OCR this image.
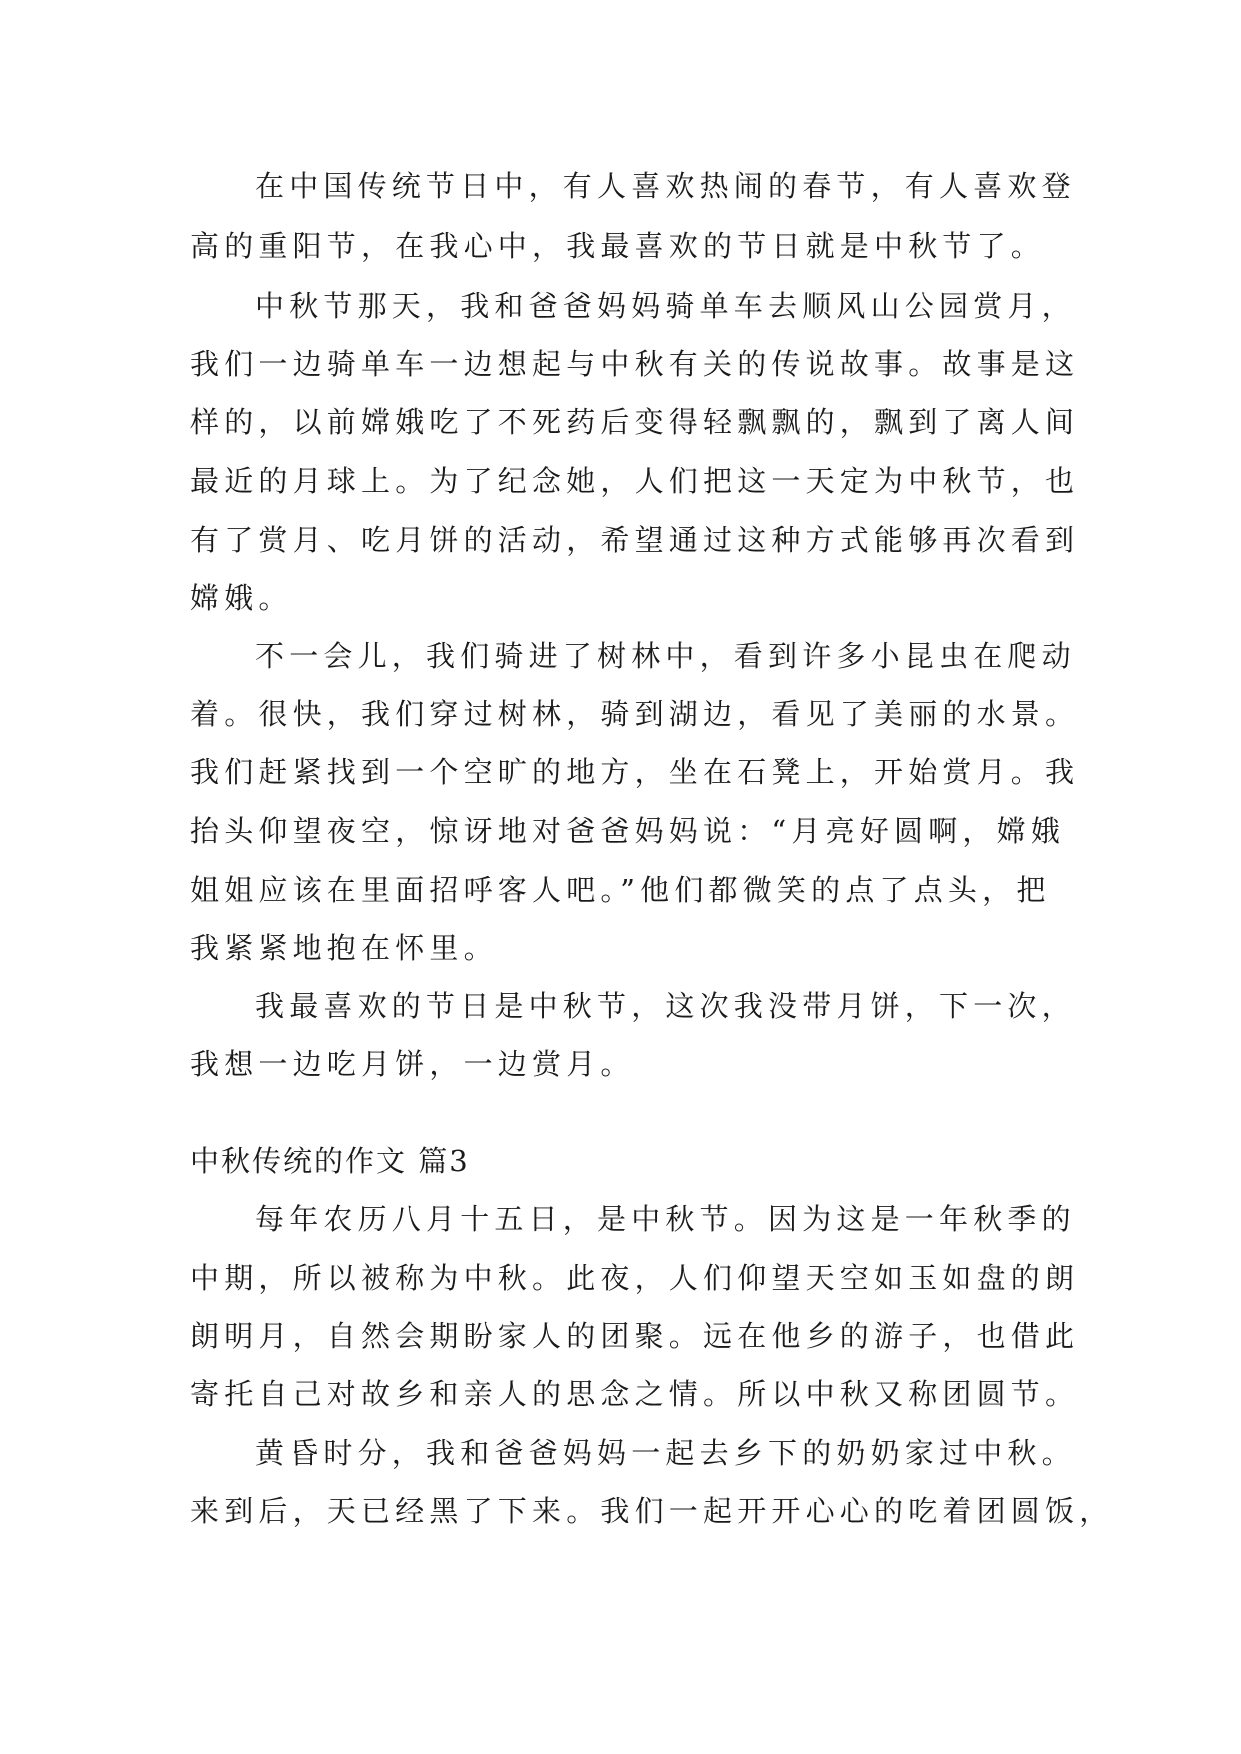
在中国传统节日中，有人喜欢热闹的春节，有人喜欢登
高的重阳节，在我心中，我最喜欢的节日就是中秋节了。
中秋节那天，我和爸爸妈妈骑单车去顺风山公园赏月，
我们一边骑单车一边想起与中秋有关的传说故事。故事是这
样的，以前嫦娥吃了不死药后变得轻飘飘的，飘到了离人间
最近的月球上。为了纪念她，人们把这一天定为中秋节，也
有了赏月、吃月饼的活动，希望通过这种方式能够再次看到
嫦娥。
不一会儿，我们骑进了树林中，看到许多小昆虫在爬动
着。很快，我们穿过树林，骑到湖边，看见了美丽的水景。
我们赶紧找到一个空旷的地方，坐在石凳上，开始赏月。我
抬头仰望夜空，惊讶地对爸爸妈妈说：“月亮好圆啊，嫦娥
姐姐应该在里面招呼客人吧。”他们都微笑的点了点头，把
我紧紧地抱在怀里。
我最喜欢的节日是中秋节，这次我没带月饼，下一次，
我想一边吃月饼，一边赏月。
中秋传统的作文 篇3
每年农历八月十五日，是中秋节。因为这是一年秋季的
中期，所以被称为中秋。此夜，人们仰望天空如玉如盘的朗
朗明月，自然会期盼家人的团聚。远在他乡的游子，也借此
寄托自己对故乡和亲人的思念之情。所以中秋又称团圆节。
黄昏时分，我和爸爸妈妈一起去乡下的奶奶家过中秋。
来到后，天已经黑了下来。我们一起开开心心的吃着团圆饭，
